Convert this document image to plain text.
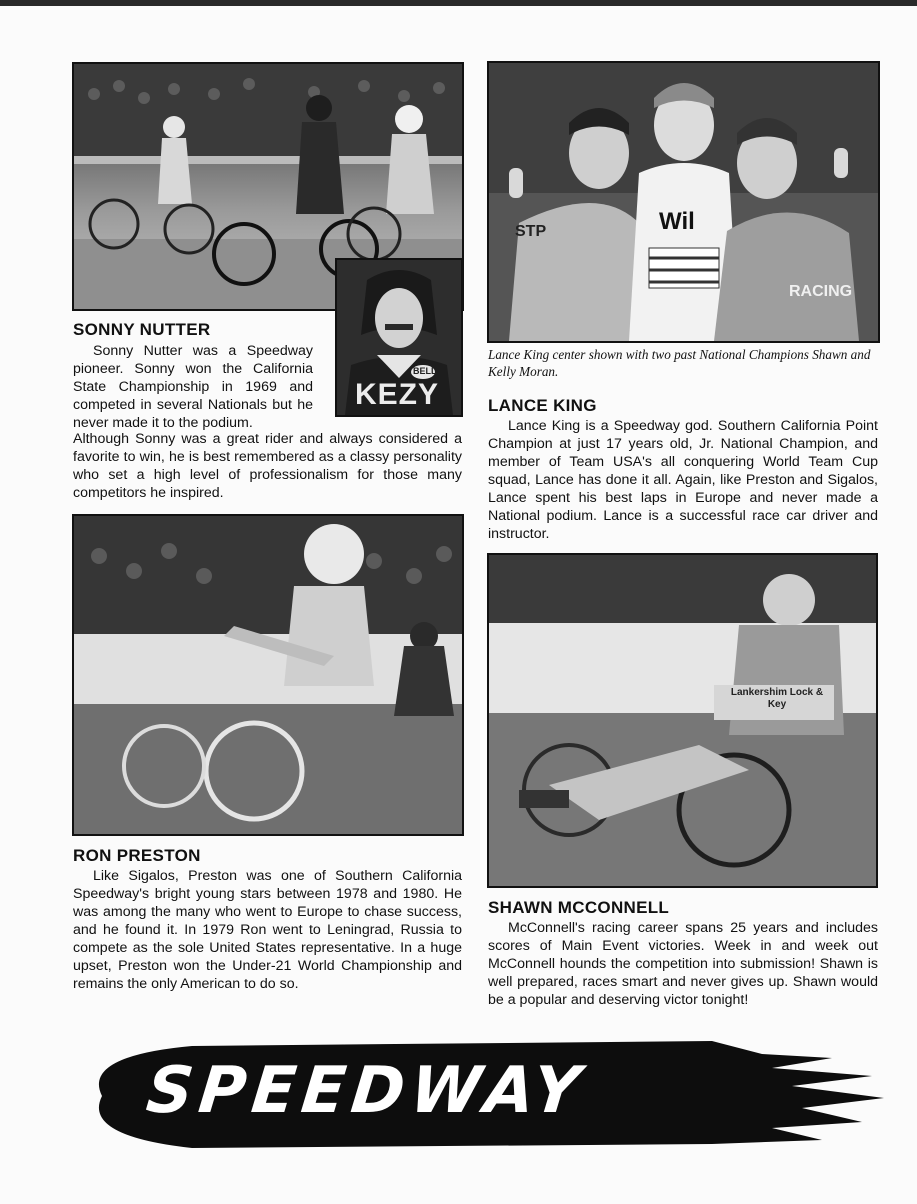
KEZY
BELL
SONNY NUTTER

Sonny Nutter was a Speedway pioneer. Sonny won the California State Championship in 1969 and competed in several Nationals but he never made it to the podium.

Although Sonny was a great rider and always considered a favorite to win, he is best remembered as a classy personality who set a high level of professionalism for those many competitors he inspired.

STP	Wil
RACING

Lance King center shown with two past National Champions Shawn and Kelly Moran.

LANCE KING

Lance King is a Speedway god. Southern California Point Champion at just 17 years old, Jr. National Champion, and member of Team USA's all conquering World Team Cup squad, Lance has done it all. Again, like Preston and Sigalos, Lance spent his best laps in Europe and never made a National podium. Lance is a successful race car driver and instructor.

RON PRESTON

Like Sigalos, Preston was one of Southern California Speedway's bright young stars between 1978 and 1980. He was among the many who went to Europe to chase success, and he found it. In 1979 Ron went to Leningrad, Russia to compete as the sole United States representative. In a huge upset, Preston won the Under-21 World Championship and remains the only American to do so.

Lankershim Lock & Key
SHAWN MCCONNELL

McConnell's racing career spans 25 years and includes scores of Main Event victories. Week in and week out McConnell hounds the competition into submission! Shawn is well prepared, races smart and never gives up. Shawn would be a popular and deserving victor tonight!

SPEEDWAY
